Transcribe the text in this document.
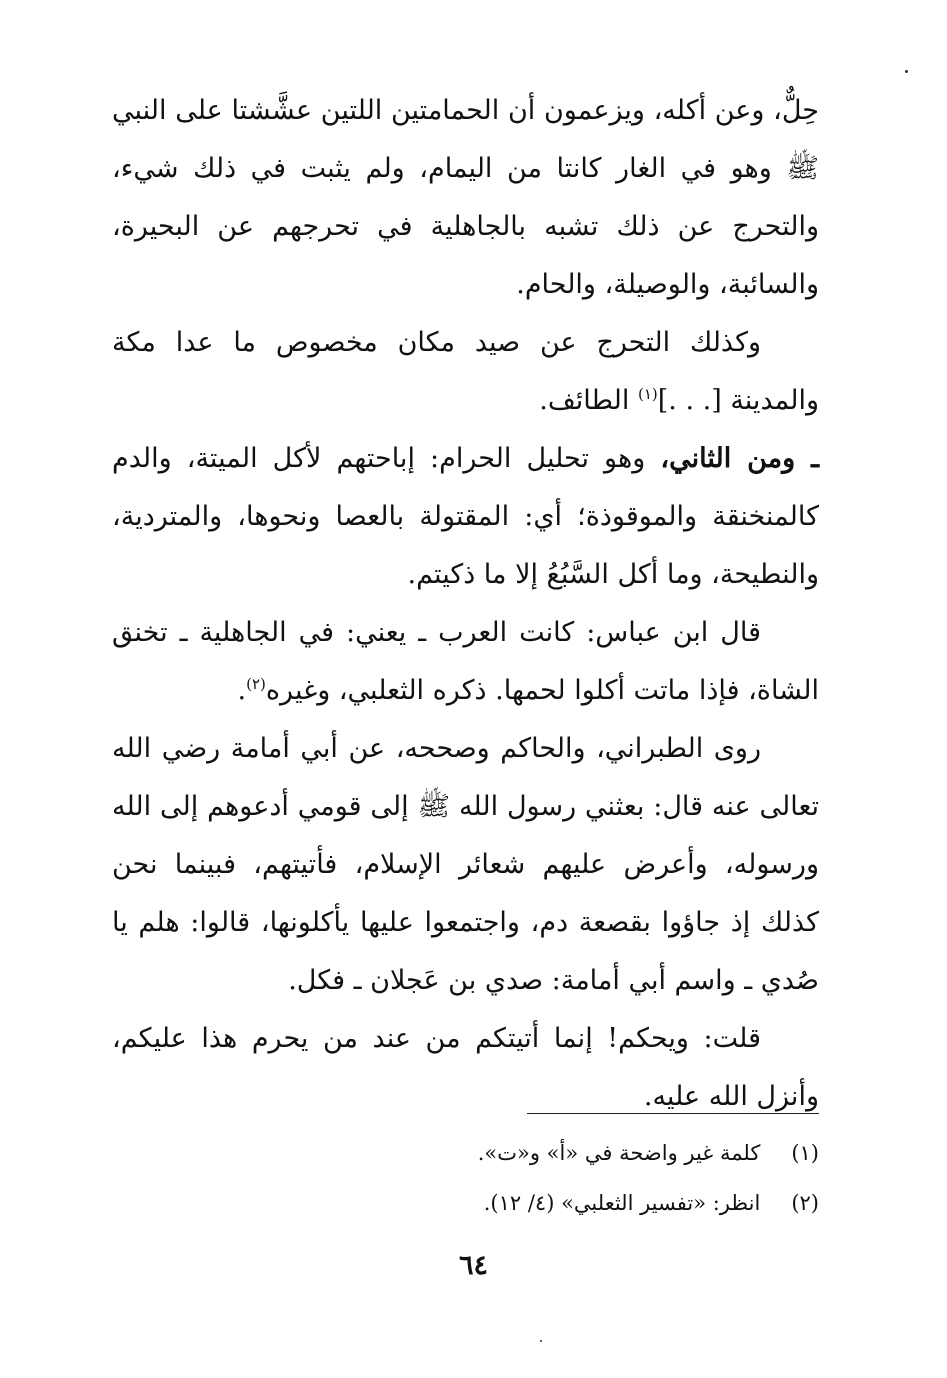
حِلٌّ، وعن أكله، ويزعمون أن الحمامتين اللتين عشَّشتا على النبي ﷺ وهو في الغار كانتا من اليمام، ولم يثبت في ذلك شيء، والتحرج عن ذلك تشبه بالجاهلية في تحرجهم عن البحيرة، والسائبة، والوصيلة، والحام.

وكذلك التحرج عن صيد مكان مخصوص ما عدا مكة والمدينة [. . .]$^{(١)}$ الطائف.

ـ ومن الثاني، وهو تحليل الحرام: إباحتهم لأكل الميتة، والدم كالمنخنقة والموقوذة؛ أي: المقتولة بالعصا ونحوها، والمتردية، والنطيحة، وما أكل السَّبُعُ إلا ما ذكيتم.

قال ابن عباس: كانت العرب ـ يعني: في الجاهلية ـ تخنق الشاة، فإذا ماتت أكلوا لحمها. ذكره الثعلبي، وغيره$^{(٢)}$.

روى الطبراني، والحاكم وصححه، عن أبي أمامة رضي الله تعالى عنه قال: بعثني رسول الله ﷺ إلى قومي أدعوهم إلى الله ورسوله، وأعرض عليهم شعائر الإسلام، فأتيتهم، فبينما نحن كذلك إذ جاؤوا بقصعة دم، واجتمعوا عليها يأكلونها، قالوا: هلم يا صُدي ـ واسم أبي أمامة: صدي بن عَجلان ـ فكل.

قلت: ويحكم! إنما أتيتكم من عند من يحرم هذا عليكم، وأنزل الله عليه.

(١) كلمة غير واضحة في «أ» و«ت».
(٢) انظر: «تفسير الثعلبي» (٤/ ١٢).
٦٤
